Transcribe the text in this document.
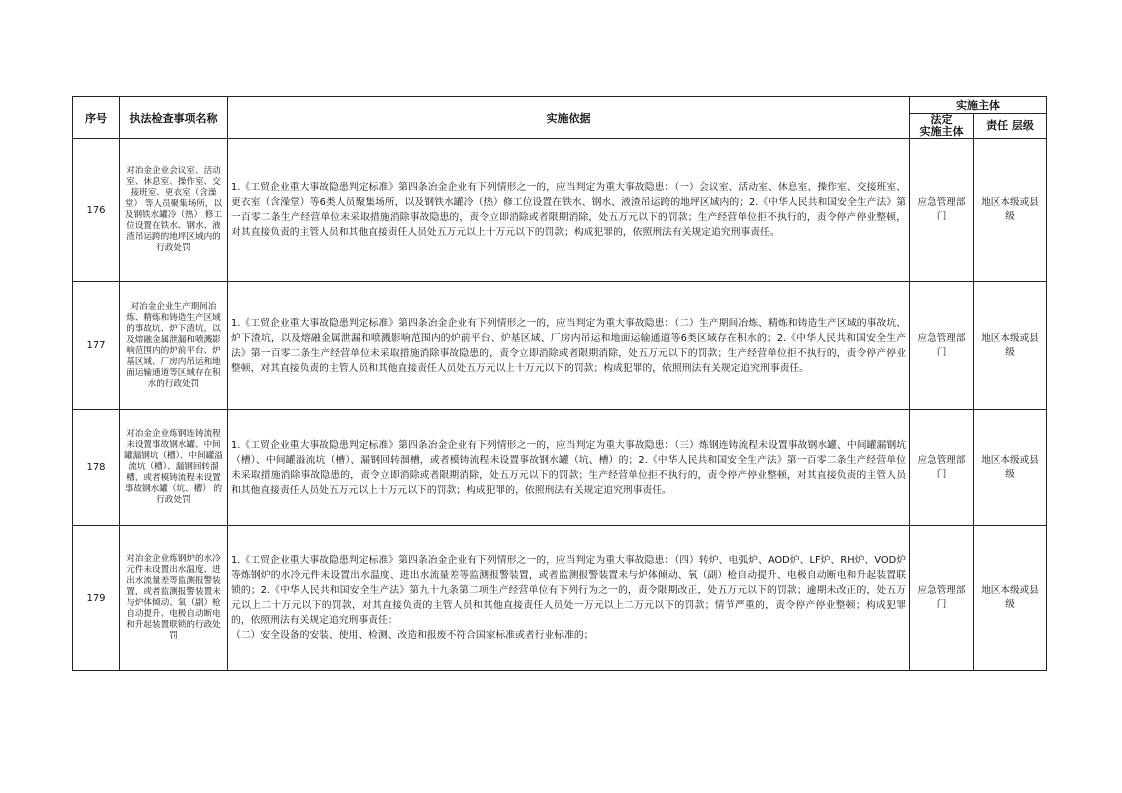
序号	执法检查事项名称	实施依据	实施主体	
			法定
实施主体	责任 层级
176	对冶金企业会议室、活动室、休息室、操作室、交接班室、更衣室（含澡堂） 等人员聚集场所，以及钢铁水罐冷（热） 修工位设置在铁水、钢水、液渣吊运跨的地坪区域内的行政处罚	1.《工贸企业重大事故隐患判定标准》第四条冶金企业有下列情形之一的，应当判定为重大事故隐患：（一）会议室、活动室、休息室、操作室、交接班室、更衣室（含澡堂）等6类人员聚集场所，以及钢铁水罐冷（热）修工位设置在铁水、钢水、液渣吊运跨的地坪区域内的；2.《中华人民共和国安全生产法》第一百零二条生产经营单位未采取措施消除事故隐患的，责令立即消除或者限期消除，处五万元以下的罚款；生产经营单位拒不执行的，责令停产停业整顿，对其直接负责的主管人员和其他直接责任人员处五万元以上十万元以下的罚款；构成犯罪的，依照刑法有关规定追究刑事责任。	应急管理部门	地区本级或县级
177	对冶金企业生产期间冶炼、精炼和铸造生产区域的事故坑、炉下渣坑，以及熔融金属泄漏和喷溅影响范围内的炉前平台、炉基区域、厂房内吊运和地面运输通道等区域存在积水的行政处罚	1.《工贸企业重大事故隐患判定标准》第四条冶金企业有下列情形之一的，应当判定为重大事故隐患：（二）生产期间冶炼、精炼和铸造生产区域的事故坑、炉下渣坑，以及熔融金属泄漏和喷溅影响范围内的炉前平台、炉基区域、厂房内吊运和地面运输通道等6类区域存在积水的；2.《中华人民共和国安全生产法》第一百零二条生产经营单位未采取措施消除事故隐患的，责令立即消除或者限期消除，处五万元以下的罚款；生产经营单位拒不执行的，责令停产停业整顿，对其直接负责的主管人员和其他直接责任人员处五万元以上十万元以下的罚款；构成犯罪的，依照刑法有关规定追究刑事责任。	应急管理部门	地区本级或县级
178	对冶金企业炼钢连铸流程未设置事故钢水罐、中间罐漏钢坑（槽）、中间罐溢流坑（槽）、漏钢回转溜槽，或者模铸流程未设置事故钢水罐（坑、槽） 的行政处罚	1.《工贸企业重大事故隐患判定标准》第四条冶金企业有下列情形之一的，应当判定为重大事故隐患：（三）炼钢连铸流程未设置事故钢水罐、中间罐漏钢坑（槽）、中间罐溢流坑（槽）、漏钢回转溜槽，或者模铸流程未设置事故钢水罐（坑、槽）的；2.《中华人民共和国安全生产法》第一百零二条生产经营单位未采取措施消除事故隐患的，责令立即消除或者限期消除，处五万元以下的罚款；生产经营单位拒不执行的，责令停产停业整顿，对其直接负责的主管人员和其他直接责任人员处五万元以上十万元以下的罚款；构成犯罪的，依照刑法有关规定追究刑事责任。	应急管理部门	地区本级或县级
179	对冶金企业炼钢炉的水冷元件未设置出水温度、进出水流量差等监测报警装置，或者监测报警装置未与炉体倾动、氧（副）枪自动提升、电极自动断电和升起装置联锁的行政处罚	1.《工贸企业重大事故隐患判定标准》第四条冶金企业有下列情形之一的，应当判定为重大事故隐患：（四）转炉、电弧炉、AOD炉、LF炉、RH炉、VOD炉等炼钢炉的水冷元件未设置出水温度、进出水流量差等监测报警装置，或者监测报警装置未与炉体倾动、氧（副）枪自动提升、电极自动断电和升起装置联锁的；2.《中华人民共和国安全生产法》第九十九条第二项生产经营单位有下列行为之一的，责令限期改正，处五万元以下的罚款；逾期未改正的，处五万元以上二十万元以下的罚款，对其直接负责的主管人员和其他直接责任人员处一万元以上二万元以下的罚款；情节严重的，责令停产停业整顿；构成犯罪的，依照刑法有关规定追究刑事责任：

（二）安全设备的安装、使用、检测、改造和报废不符合国家标准或者行业标准的；	应急管理部门	地区本级或县级
